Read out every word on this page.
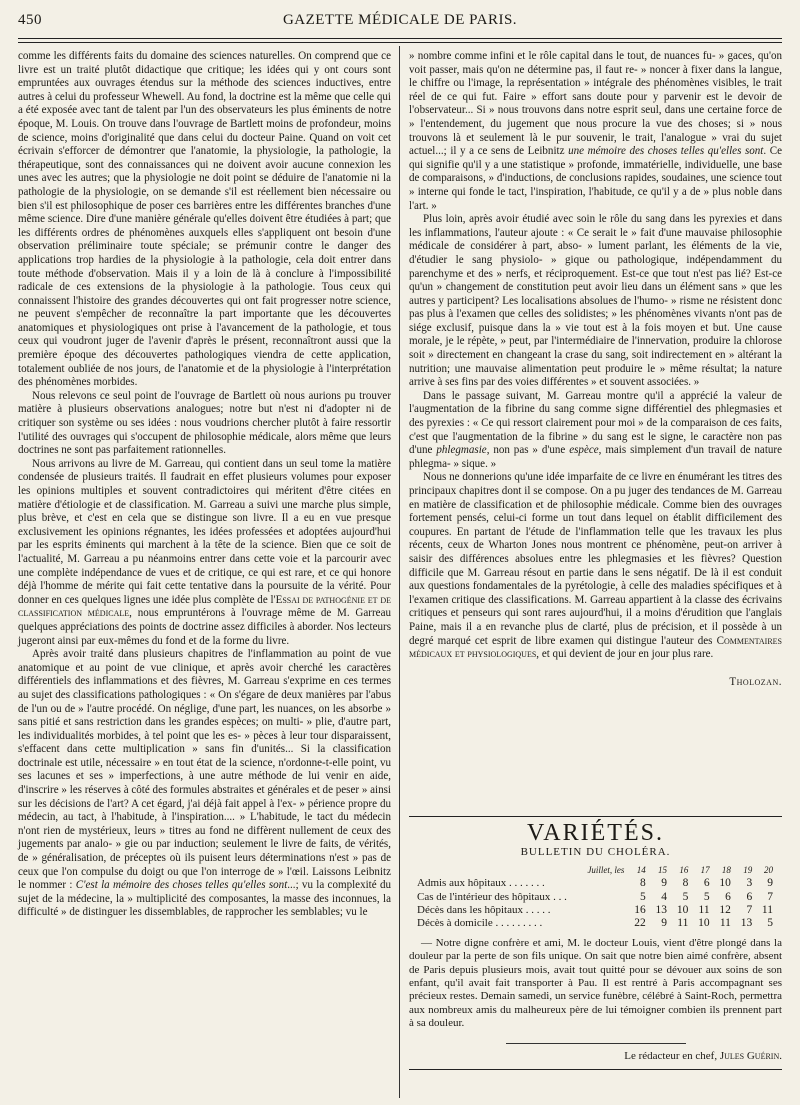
450	GAZETTE MÉDICALE DE PARIS.

comme les différents faits du domaine des sciences naturelles. On comprend que ce livre est un traité plutôt didactique que critique; les idées qui y ont cours sont empruntées aux ouvrages étendus sur la méthode des sciences inductives, entre autres à celui du professeur Whewell. Au fond, la doctrine est la même que celle qui a été exposée avec tant de talent par l'un des observateurs les plus éminents de notre époque, M. Louis. On trouve dans l'ouvrage de Bartlett moins de profondeur, moins de science, moins d'originalité que dans celui du docteur Paine. Quand on voit cet écrivain s'efforcer de démontrer que l'anatomie, la physiologie, la pathologie, la thérapeutique, sont des connaissances qui ne doivent avoir aucune connexion les unes avec les autres; que la physiologie ne doit point se déduire de l'anatomie ni la pathologie de la physiologie, on se demande s'il est réellement bien nécessaire ou bien s'il est philosophique de poser ces barrières entre les différentes branches d'une même science. Dire d'une manière générale qu'elles doivent être étudiées à part; que les différents ordres de phénomènes auxquels elles s'appliquent ont besoin d'une observation préliminaire toute spéciale; se prémunir contre le danger des applications trop hardies de la physiologie à la pathologie, cela doit entrer dans toute méthode d'observation. Mais il y a loin de là à conclure à l'impossibilité radicale de ces extensions de la physiologie à la pathologie. Tous ceux qui connaissent l'histoire des grandes découvertes qui ont fait progresser notre science, ne peuvent s'empêcher de reconnaître la part importante que les découvertes anatomiques et physiologiques ont prise à l'avancement de la pathologie, et tous ceux qui voudront juger de l'avenir d'après le présent, reconnaîtront aussi que la première époque des découvertes pathologiques viendra de cette application, totalement oubliée de nos jours, de l'anatomie et de la physiologie à l'interprétation des phénomènes morbides.

Nous relevons ce seul point de l'ouvrage de Bartlett où nous aurions pu trouver matière à plusieurs observations analogues; notre but n'est ni d'adopter ni de critiquer son système ou ses idées : nous voudrions chercher plutôt à faire ressortir l'utilité des ouvrages qui s'occupent de philosophie médicale, alors même que leurs doctrines ne sont pas parfaitement rationnelles.

Nous arrivons au livre de M. Garreau, qui contient dans un seul tome la matière condensée de plusieurs traités. Il faudrait en effet plusieurs volumes pour exposer les opinions multiples et souvent contradictoires qui méritent d'être citées en matière d'étiologie et de classification. M. Garreau a suivi une marche plus simple, plus brève, et c'est en cela que se distingue son livre. Il a eu en vue presque exclusivement les opinions régnantes, les idées professées et adoptées aujourd'hui par les esprits éminents qui marchent à la tête de la science. Bien que ce soit de l'actualité, M. Garreau a pu néanmoins entrer dans cette voie et la parcourir avec une complète indépendance de vues et de critique, ce qui est rare, et ce qui honore déjà l'homme de mérite qui fait cette tentative dans la poursuite de la vérité. Pour donner en ces quelques lignes une idée plus complète de l'Essai de pathogénie et de classification médicale, nous empruntérons à l'ouvrage même de M. Garreau quelques appréciations des points de doctrine assez difficiles à aborder. Nos lecteurs jugeront ainsi par eux-mêmes du fond et de la forme du livre.

Après avoir traité dans plusieurs chapitres de l'inflammation au point de vue anatomique et au point de vue clinique, et après avoir cherché les caractères différentiels des inflammations et des fièvres, M. Garreau s'exprime en ces termes au sujet des classifications pathologiques : « On s'égare de deux manières par l'abus de l'un ou de » l'autre procédé. On néglige, d'une part, les nuances, on les absorbe » sans pitié et sans restriction dans les grandes espèces; on multi- » plie, d'autre part, les individualités morbides, à tel point que les es- » pèces à leur tour disparaissent, s'effacent dans cette multiplication » sans fin d'unités... Si la classification doctrinale est utile, nécessaire » en tout état de la science, n'ordonne-t-elle point, vu ses lacunes et ses » imperfections, à une autre méthode de lui venir en aide, d'inscrire » les réserves à côté des formules abstraites et générales et de peser » ainsi sur les décisions de l'art? A cet égard, j'ai déjà fait appel à l'ex- » périence propre du médecin, au tact, à l'habitude, à l'inspiration.... » L'habitude, le tact du médecin n'ont rien de mystérieux, leurs » titres au fond ne diffèrent nullement de ceux des jugements par analo- » gie ou par induction; seulement le livre de faits, de vérités, de » généralisation, de préceptes où ils puisent leurs déterminations n'est » pas de ceux que l'on compulse du doigt ou que l'on interroge de » l'œil. Laissons Leibnitz le nommer : C'est la mémoire des choses telles qu'elles sont...; vu la complexité du sujet de la médecine, la » multiplicité des composantes, la masse des inconnues, la difficulté » de distinguer les dissemblables, de rapprocher les semblables; vu le

» nombre comme infini et le rôle capital dans le tout, de nuances fu- » gaces, qu'on voit passer, mais qu'on ne détermine pas, il faut re- » noncer à fixer dans la langue, le chiffre ou l'image, la représentation » intégrale des phénomènes visibles, le trait réel de ce qui fut. Faire » effort sans doute pour y parvenir est le devoir de l'observateur... Si » nous trouvons dans notre esprit seul, dans une certaine force de » l'entendement, du jugement que nous procure la vue des choses; si » nous trouvons là et seulement là le pur souvenir, le trait, l'analogue » vrai du sujet actuel...; il y a ce sens de Leibnitz une mémoire des choses telles qu'elles sont. Ce qui signifie qu'il y a une statistique » profonde, immatérielle, individuelle, une base de comparaisons, » d'inductions, de conclusions rapides, soudaines, une science tout » interne qui fonde le tact, l'inspiration, l'habitude, ce qu'il y a de » plus noble dans l'art. »

Plus loin, après avoir étudié avec soin le rôle du sang dans les pyrexies et dans les inflammations, l'auteur ajoute : « Ce serait le » fait d'une mauvaise philosophie médicale de considérer à part, abso- » lument parlant, les éléments de la vie, d'étudier le sang physiolo- » gique ou pathologique, indépendamment du parenchyme et des » nerfs, et réciproquement. Est-ce que tout n'est pas lié? Est-ce qu'un » changement de constitution peut avoir lieu dans un élément sans » que les autres y participent? Les localisations absolues de l'humo- » risme ne résistent donc pas plus à l'examen que celles des solidistes; » les phénomènes vivants n'ont pas de siége exclusif, puisque dans la » vie tout est à la fois moyen et but. Une cause morale, je le répète, » peut, par l'intermédiaire de l'innervation, produire la chlorose soit » directement en changeant la crase du sang, soit indirectement en » altérant la nutrition; une mauvaise alimentation peut produire le » même résultat; la nature arrive à ses fins par des voies différentes » et souvent associées. »

Dans le passage suivant, M. Garreau montre qu'il a apprécié la valeur de l'augmentation de la fibrine du sang comme signe différentiel des phlegmasies et des pyrexies : « Ce qui ressort clairement pour moi » de la comparaison de ces faits, c'est que l'augmentation de la fibrine » du sang est le signe, le caractère non pas d'une phlegmasie, non pas » d'une espèce, mais simplement d'un travail de nature phlegma- » sique. »

Nous ne donnerions qu'une idée imparfaite de ce livre en énumérant les titres des principaux chapitres dont il se compose. On a pu juger des tendances de M. Garreau en matière de classification et de philosophie médicale. Comme bien des ouvrages fortement pensés, celui-ci forme un tout dans lequel on établit difficilement des coupures. En partant de l'étude de l'inflammation telle que les travaux les plus récents, ceux de Wharton Jones nous montrent ce phénomène, peut-on arriver à saisir des différences absolues entre les phlegmasies et les fièvres? Question difficile que M. Garreau résout en partie dans le sens négatif. De là il est conduit aux questions fondamentales de la pyrétologie, à celle des maladies spécifiques et à l'examen critique des classifications. M. Garreau appartient à la classe des écrivains critiques et penseurs qui sont rares aujourd'hui, il a moins d'érudition que l'anglais Paine, mais il a en revanche plus de clarté, plus de précision, et il possède à un degré marqué cet esprit de libre examen qui distingue l'auteur des Commentaires médicaux et physiologiques, et qui devient de jour en jour plus rare.

Tholozan.

VARIÉTÉS.
BULLETIN DU CHOLÉRA.
Juillet, les	14	15	16	17	18	19	20
Admis aux hôpitaux . . . . . . .	8	9	8	6	10	3	9
Cas de l'intérieur des hôpitaux . . .	5	4	5	5	6	6	7
Décès dans les hôpitaux . . . . .	16	13	10	11	12	7	11
Décès à domicile . . . . . . . . .	22	9	11	10	11	13	5

— Notre digne confrère et ami, M. le docteur Louis, vient d'être plongé dans la douleur par la perte de son fils unique. On sait que notre bien aimé confrère, absent de Paris depuis plusieurs mois, avait tout quitté pour se dévouer aux soins de son enfant, qu'il avait fait transporter à Pau. Il est rentré à Paris accompagnant ses précieux restes. Demain samedi, un service funèbre, célébré à Saint-Roch, permettra aux nombreux amis du malheureux père de lui témoigner combien ils prennent part à sa douleur.

Le rédacteur en chef, Jules Guérin.
